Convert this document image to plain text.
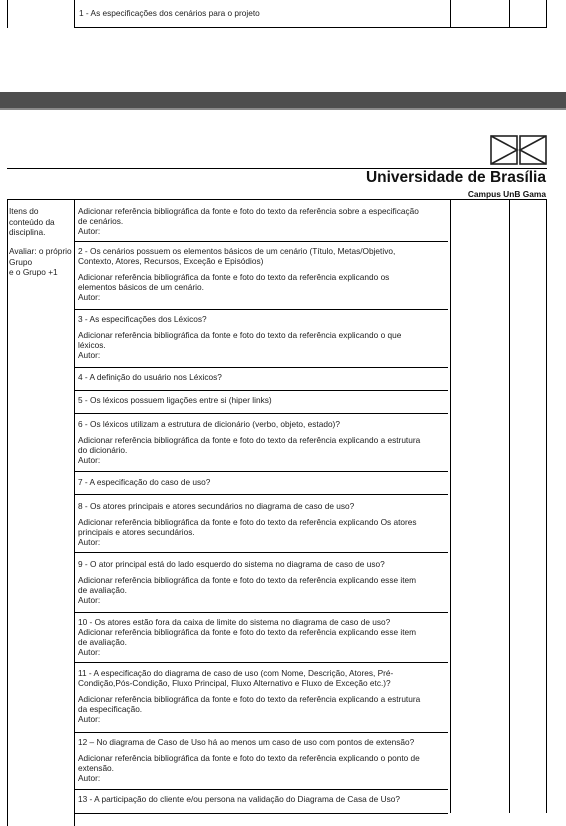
1 - As especificações dos cenários para o projeto

Universidade de Brasília
Campus UnB Gama

Itens do conteúdo da disciplina.

Avaliar: o próprio Grupo
e o Grupo +1

Adicionar referência bibliográfica da fonte e foto do texto da referência sobre a especificação

de cenários.

Autor:

2 - Os cenários possuem os elementos básicos de um cenário (Título, Metas/Objetivo,

Contexto, Atores, Recursos, Exceção e Episódios)

Adicionar referência bibliográfica da fonte e foto do texto da referência explicando os

elementos básicos de um cenário.

Autor:

3 - As especificações dos Léxicos?

Adicionar referência bibliográfica da fonte e foto do texto da referência explicando o que

léxicos.

Autor:

4 - A definição do usuário nos Léxicos?

5 - Os léxicos possuem ligações entre si (hiper links)

6 - Os léxicos utilizam a estrutura de dicionário (verbo, objeto, estado)?

Adicionar referência bibliográfica da fonte e foto do texto da referência explicando a estrutura

do dicionário.

Autor:

7 - A especificação do caso de uso?

8 - Os atores principais e atores secundários no diagrama de caso de uso?

Adicionar referência bibliográfica da fonte e foto do texto da referência explicando Os atores

principais e atores secundários.

Autor:

9 - O ator principal está do lado esquerdo do sistema no diagrama de caso de uso?

Adicionar referência bibliográfica da fonte e foto do texto da referência explicando esse item

de avaliação.

Autor:

10 - Os atores estão fora da caixa de limite do sistema no diagrama de caso de uso?

Adicionar referência bibliográfica da fonte e foto do texto da referência explicando esse item

de avaliação.

Autor:

11 - A especificação do diagrama de caso de uso (com Nome, Descrição, Atores, Pré-

Condição,Pós-Condição, Fluxo Principal, Fluxo Alternativo e Fluxo de Exceção etc.)?

Adicionar referência bibliográfica da fonte e foto do texto da referência explicando a estrutura

da especificação.

Autor:

12 – No diagrama de Caso de Uso há ao menos um caso de uso com pontos de extensão?

Adicionar referência bibliográfica da fonte e foto do texto da referência explicando o ponto de

extensão.

Autor:

13 - A participação do cliente e/ou persona na validação do Diagrama de Casa de Uso?
